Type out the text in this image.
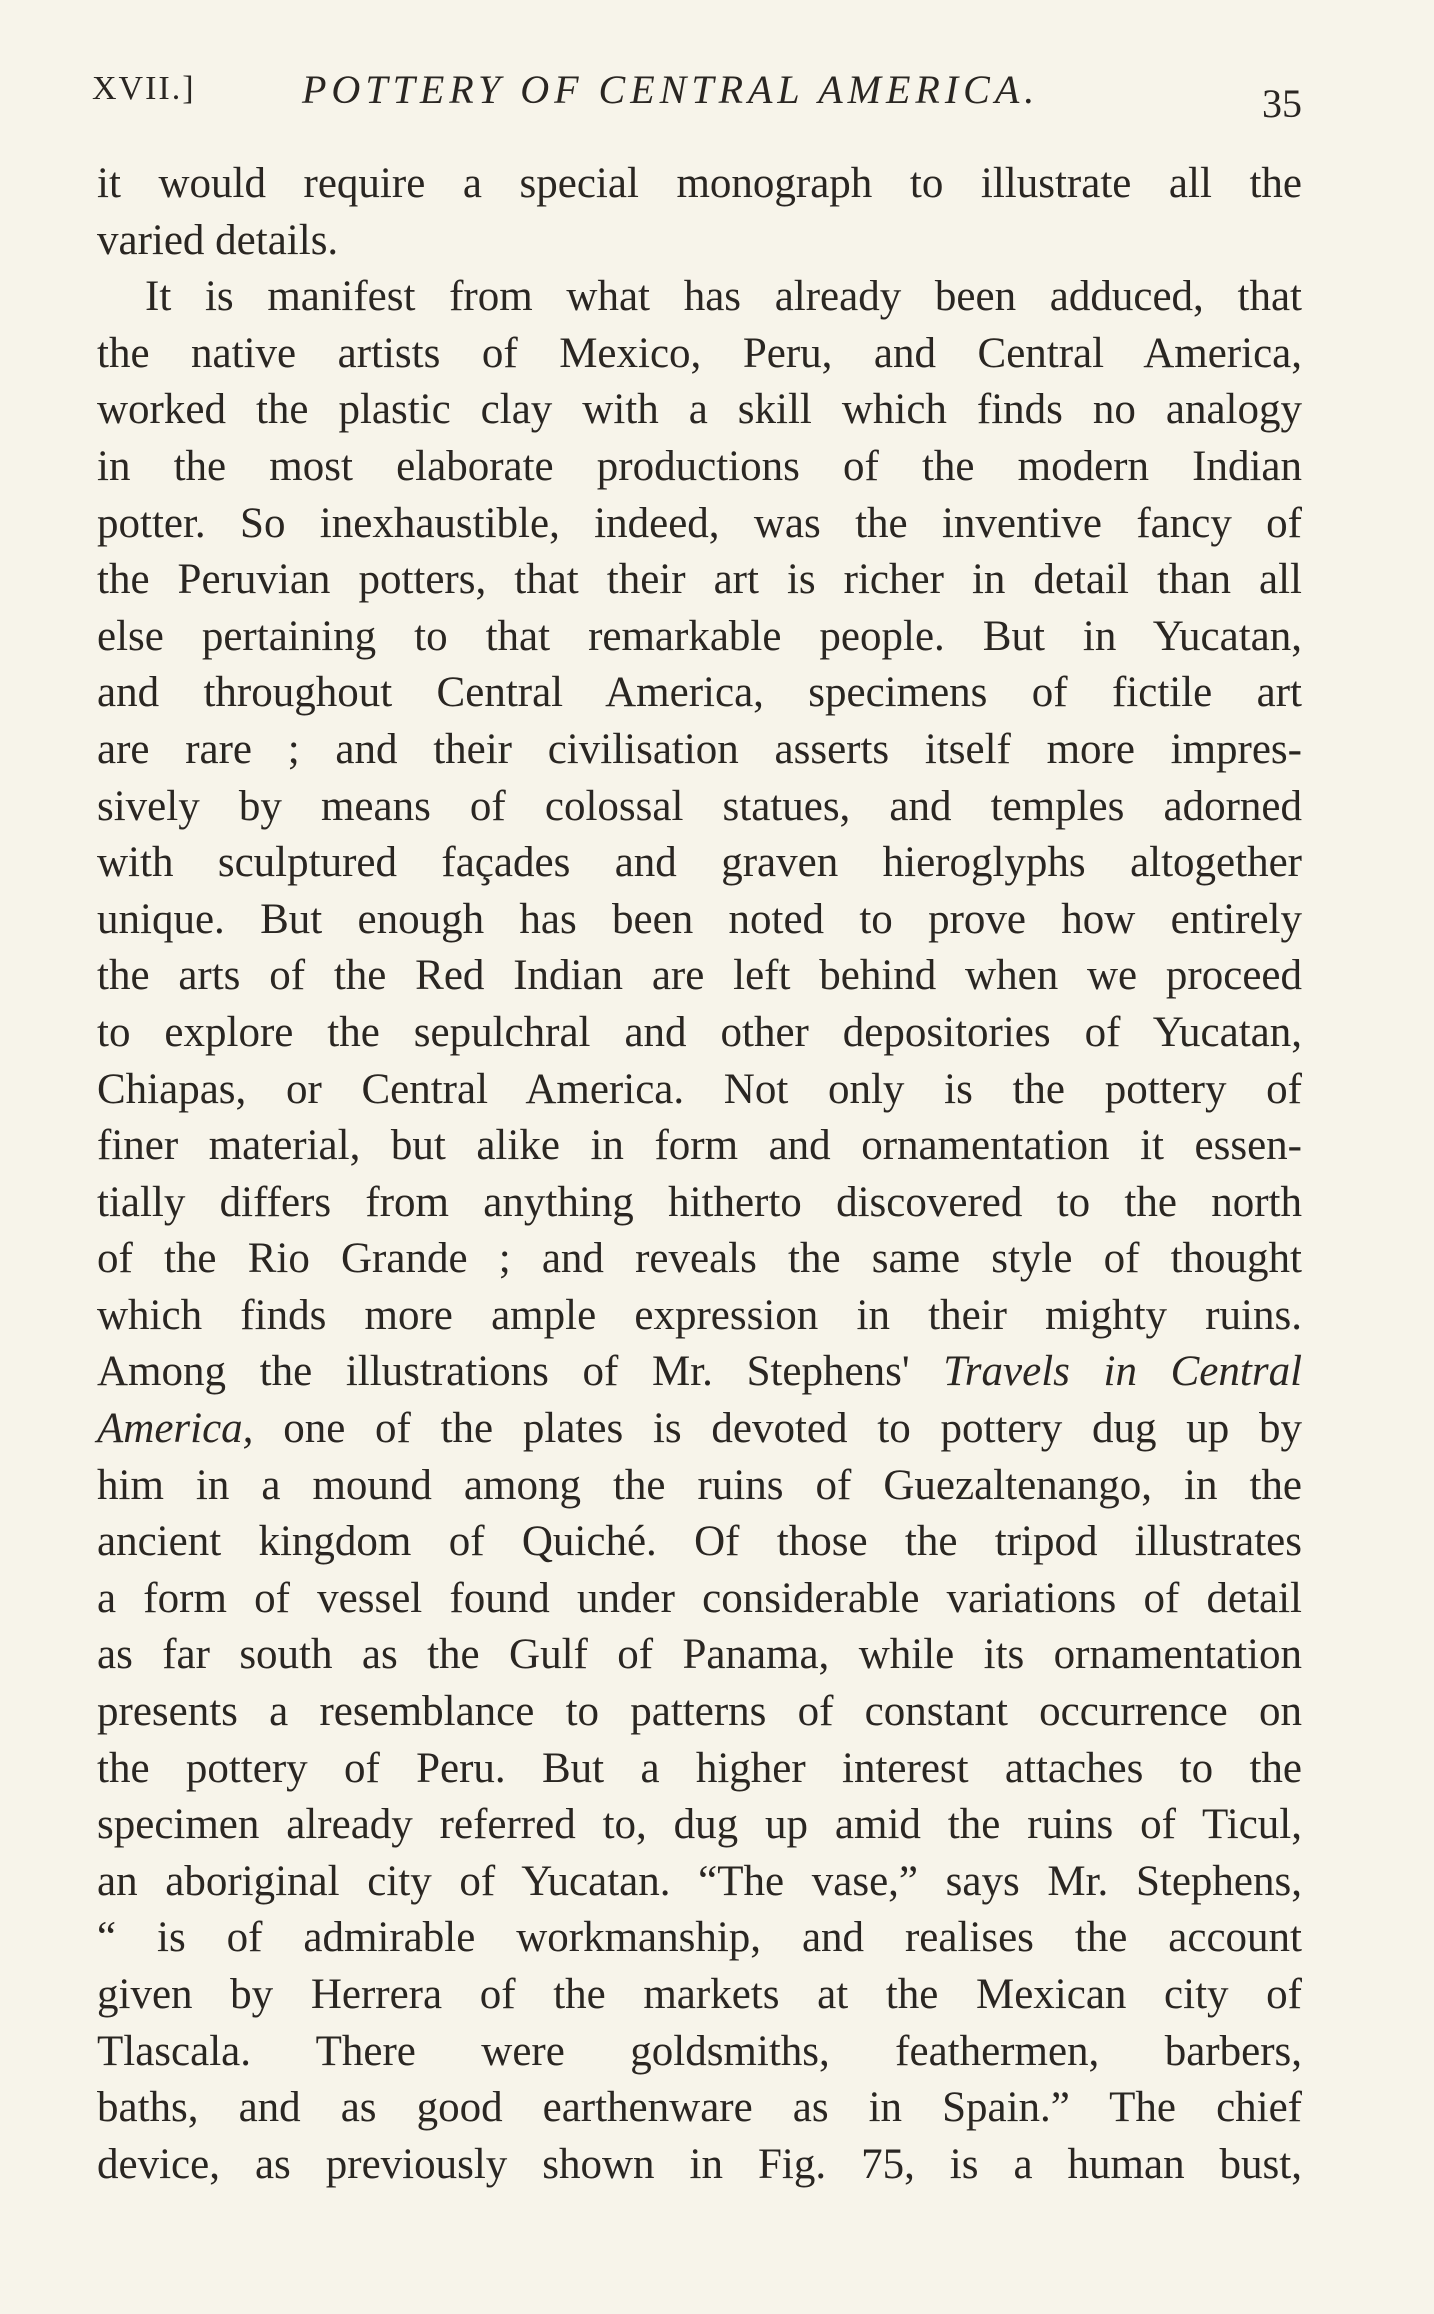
XVII.]	POTTERY OF CENTRAL AMERICA.	35
it would require a special monograph to illustrate all the
varied details.
It is manifest from what has already been adduced, that
the native artists of Mexico, Peru, and Central America,
worked the plastic clay with a skill which finds no analogy
in the most elaborate productions of the modern Indian
potter. So inexhaustible, indeed, was the inventive fancy of
the Peruvian potters, that their art is richer in detail than all
else pertaining to that remarkable people. But in Yucatan,
and throughout Central America, specimens of fictile art
are rare ; and their civilisation asserts itself more impres-
sively by means of colossal statues, and temples adorned
with sculptured façades and graven hieroglyphs altogether
unique. But enough has been noted to prove how entirely
the arts of the Red Indian are left behind when we proceed
to explore the sepulchral and other depositories of Yucatan,
Chiapas, or Central America. Not only is the pottery of
finer material, but alike in form and ornamentation it essen-
tially differs from anything hitherto discovered to the north
of the Rio Grande ; and reveals the same style of thought
which finds more ample expression in their mighty ruins.
Among the illustrations of Mr. Stephens' Travels in Central
America, one of the plates is devoted to pottery dug up by
him in a mound among the ruins of Guezaltenango, in the
ancient kingdom of Quiché. Of those the tripod illustrates
a form of vessel found under considerable variations of detail
as far south as the Gulf of Panama, while its ornamentation
presents a resemblance to patterns of constant occurrence on
the pottery of Peru. But a higher interest attaches to the
specimen already referred to, dug up amid the ruins of Ticul,
an aboriginal city of Yucatan. “The vase,” says Mr. Stephens,
“ is of admirable workmanship, and realises the account
given by Herrera of the markets at the Mexican city of
Tlascala. There were goldsmiths, feathermen, barbers,
baths, and as good earthenware as in Spain.” The chief
device, as previously shown in Fig. 75, is a human bust,
